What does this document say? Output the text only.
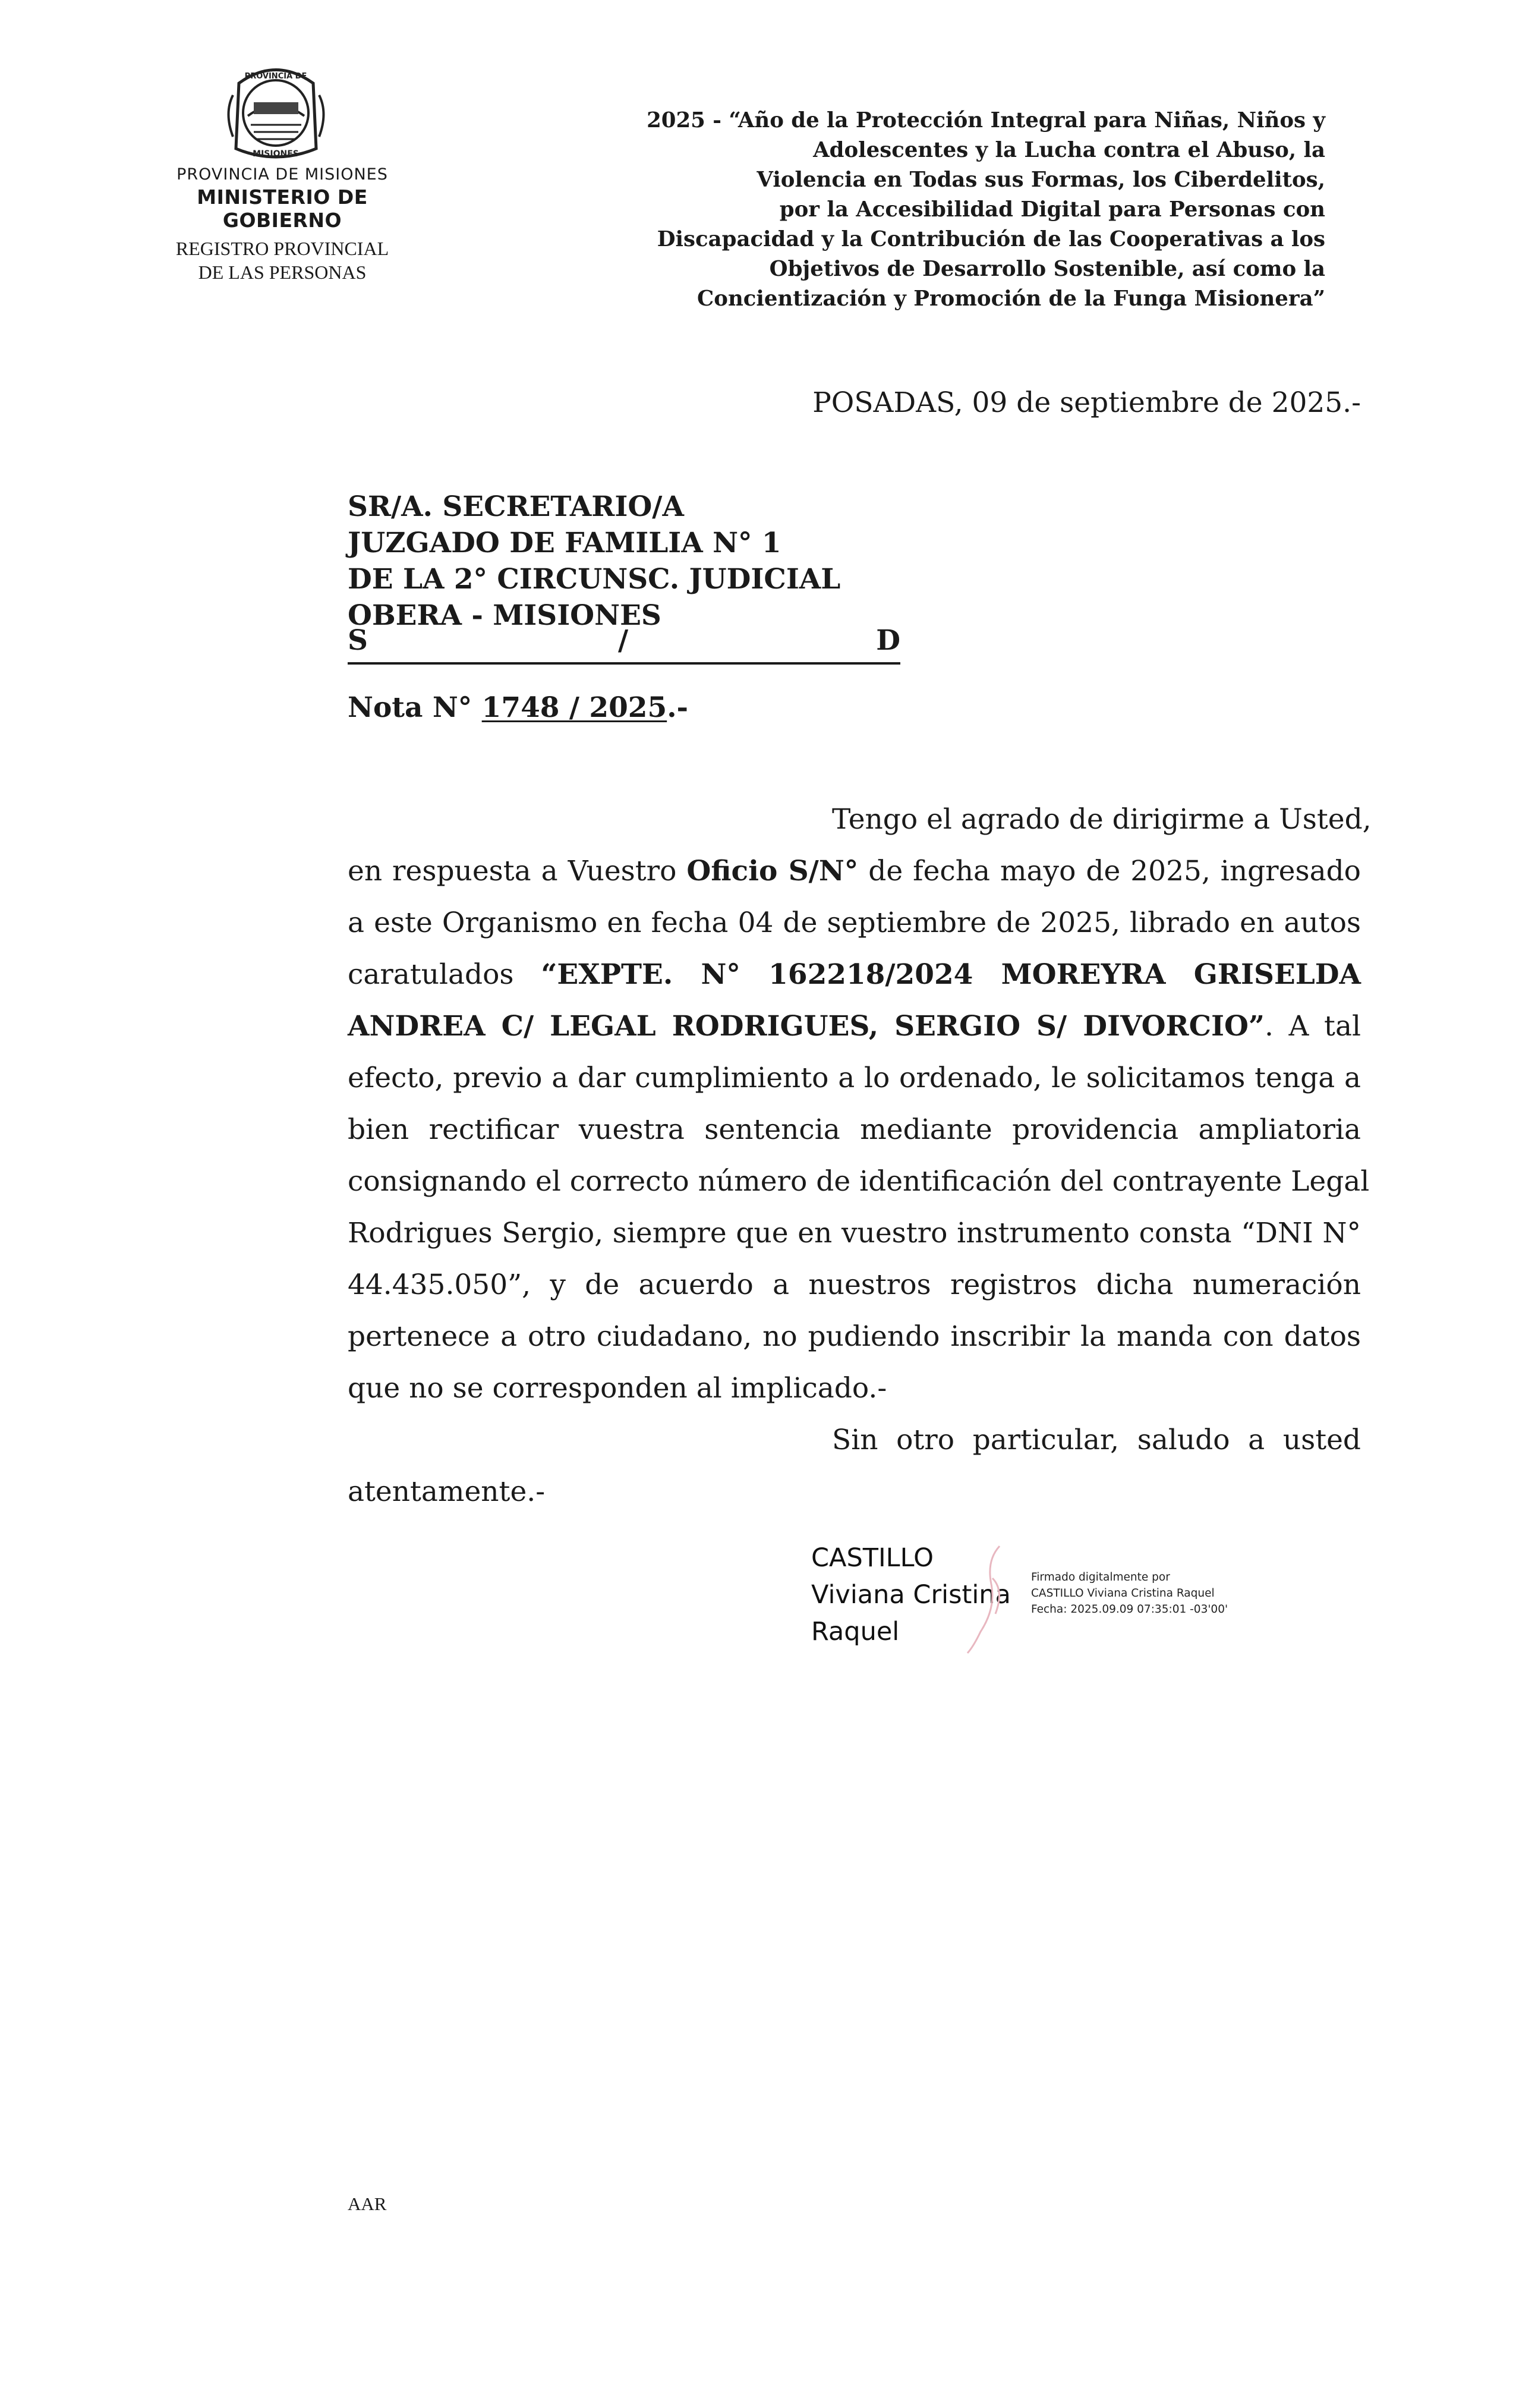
PROVINCIA DE
MISIONES
PROVINCIA DE MISIONES
MINISTERIO DE GOBIERNO
REGISTRO PROVINCIAL
DE LAS PERSONAS
2025 - “Año de la Protección Integral para Niñas, Niños y
Adolescentes y la Lucha contra el Abuso, la
Violencia en Todas sus Formas, los Ciberdelitos,
por la Accesibilidad Digital para Personas con
Discapacidad y la Contribución de las Cooperativas a los
Objetivos de Desarrollo Sostenible, así como la
Concientización y Promoción de la Funga Misionera”
POSADAS, 09 de septiembre de 2025.-
SR/A. SECRETARIO/A
JUZGADO DE FAMILIA N° 1
DE LA 2° CIRCUNSC. JUDICIAL
OBERA - MISIONES
S	/	D
Nota N° 1748 / 2025.-
Tengo el agrado de dirigirme a Usted,
en respuesta a Vuestro Oficio S/N° de fecha mayo de 2025, ingresado
a este Organismo en fecha 04 de septiembre de 2025, librado en autos
caratulados “EXPTE. N° 162218/2024 MOREYRA GRISELDA
ANDREA C/ LEGAL RODRIGUES, SERGIO S/ DIVORCIO”. A tal
efecto, previo a dar cumplimiento a lo ordenado, le solicitamos tenga a
bien rectificar vuestra sentencia mediante providencia ampliatoria
consignando el correcto número de identificación del contrayente Legal
Rodrigues Sergio, siempre que en vuestro instrumento consta “DNI N°
44.435.050”, y de acuerdo a nuestros registros dicha numeración
pertenece a otro ciudadano, no pudiendo inscribir la manda con datos
que no se corresponden al implicado.-
Sin otro particular, saludo a usted
atentamente.-
CASTILLO
Viviana Cristina
Raquel
Firmado digitalmente por
CASTILLO Viviana Cristina Raquel
Fecha: 2025.09.09 07:35:01 -03'00'
AAR
